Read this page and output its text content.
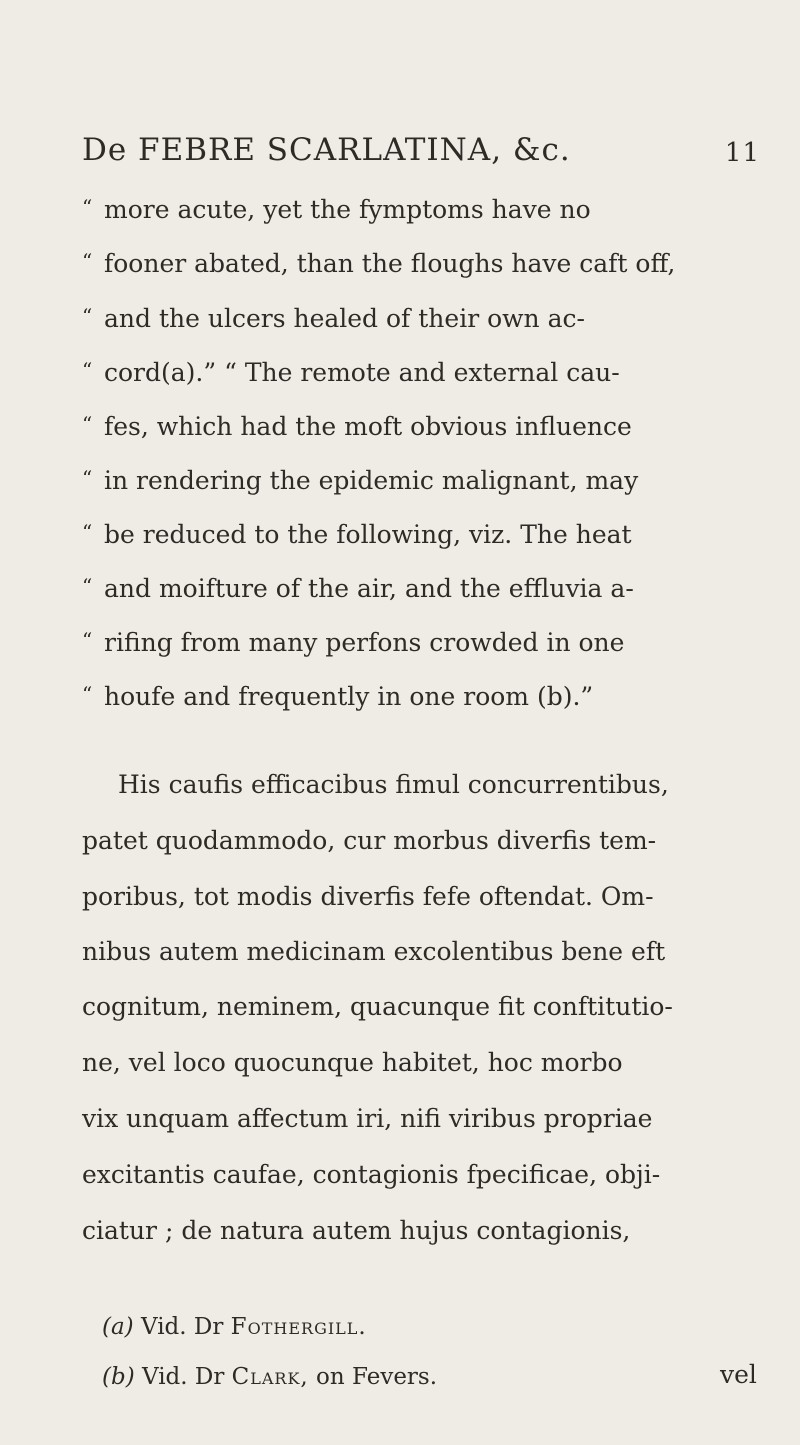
De FEBRE SCARLATINA, &c.	11
“ more acute, yet the fymptoms have no
“ fooner abated, than the floughs have caft off,
“ and the ulcers healed of their own ac-
“ cord(a).” “ The remote and external cau-
“ fes, which had the moft obvious influence
“ in rendering the epidemic malignant, may
“ be reduced to the following, viz. The heat
“ and moifture of the air, and the effluvia a-
“ rifing from many perfons crowded in one
“ houfe and frequently in one room (b).”
His caufis efficacibus fimul concurrentibus,
patet quodammodo, cur morbus diverfis tem-
poribus, tot modis diverfis fefe oftendat. Om-
nibus autem medicinam excolentibus bene eft
cognitum, neminem, quacunque fit conftitutio-
ne, vel loco quocunque habitet, hoc morbo
vix unquam affectum iri, nifi viribus propriae
excitantis caufae, contagionis fpecificae, obji-
ciatur ; de natura autem hujus contagionis,
vel
(a) Vid. Dr Fothergill.
(b) Vid. Dr Clark, on Fevers.
